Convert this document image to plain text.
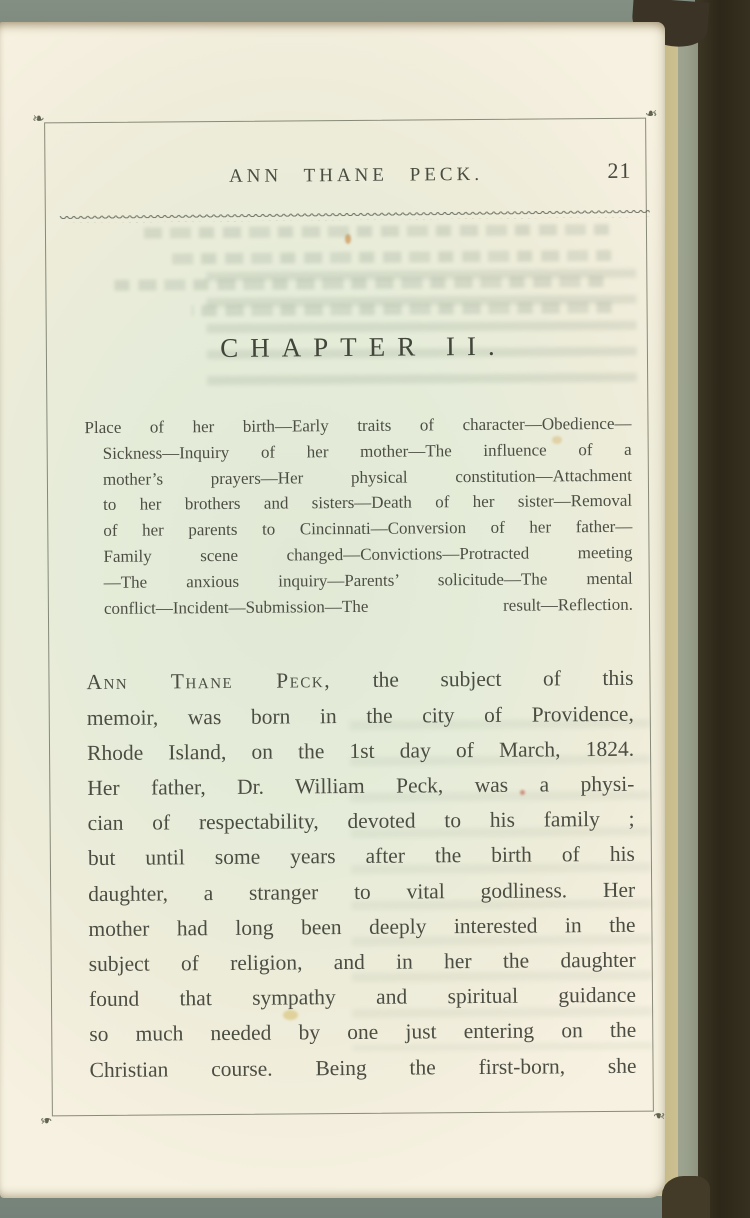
❧	❧
❧	❧
ANN THANE PECK.	21
CHAPTER II.
Place of her birth—Early traits of character—Obedience—
Sickness—Inquiry of her mother—The influence of a
mother’s prayers—Her physical constitution—Attachment
to her brothers and sisters—Death of her sister—Removal
of her parents to Cincinnati—Conversion of her father—
Family scene changed—Convictions—Protracted meeting
—The anxious inquiry—Parents’ solicitude—The mental
conflict—Incident—Submission—The result—Reflection.
Ann Thane Peck, the subject of this
memoir, was born in the city of Providence,
Rhode Island, on the 1st day of March, 1824.
Her father, Dr. William Peck, was a physi-
cian of respectability, devoted to his family ;
but until some years after the birth of his
daughter, a stranger to vital godliness. Her
mother had long been deeply interested in the
subject of religion, and in her the daughter
found that sympathy and spiritual guidance
so much needed by one just entering on the
Christian course. Being the first-born, she
